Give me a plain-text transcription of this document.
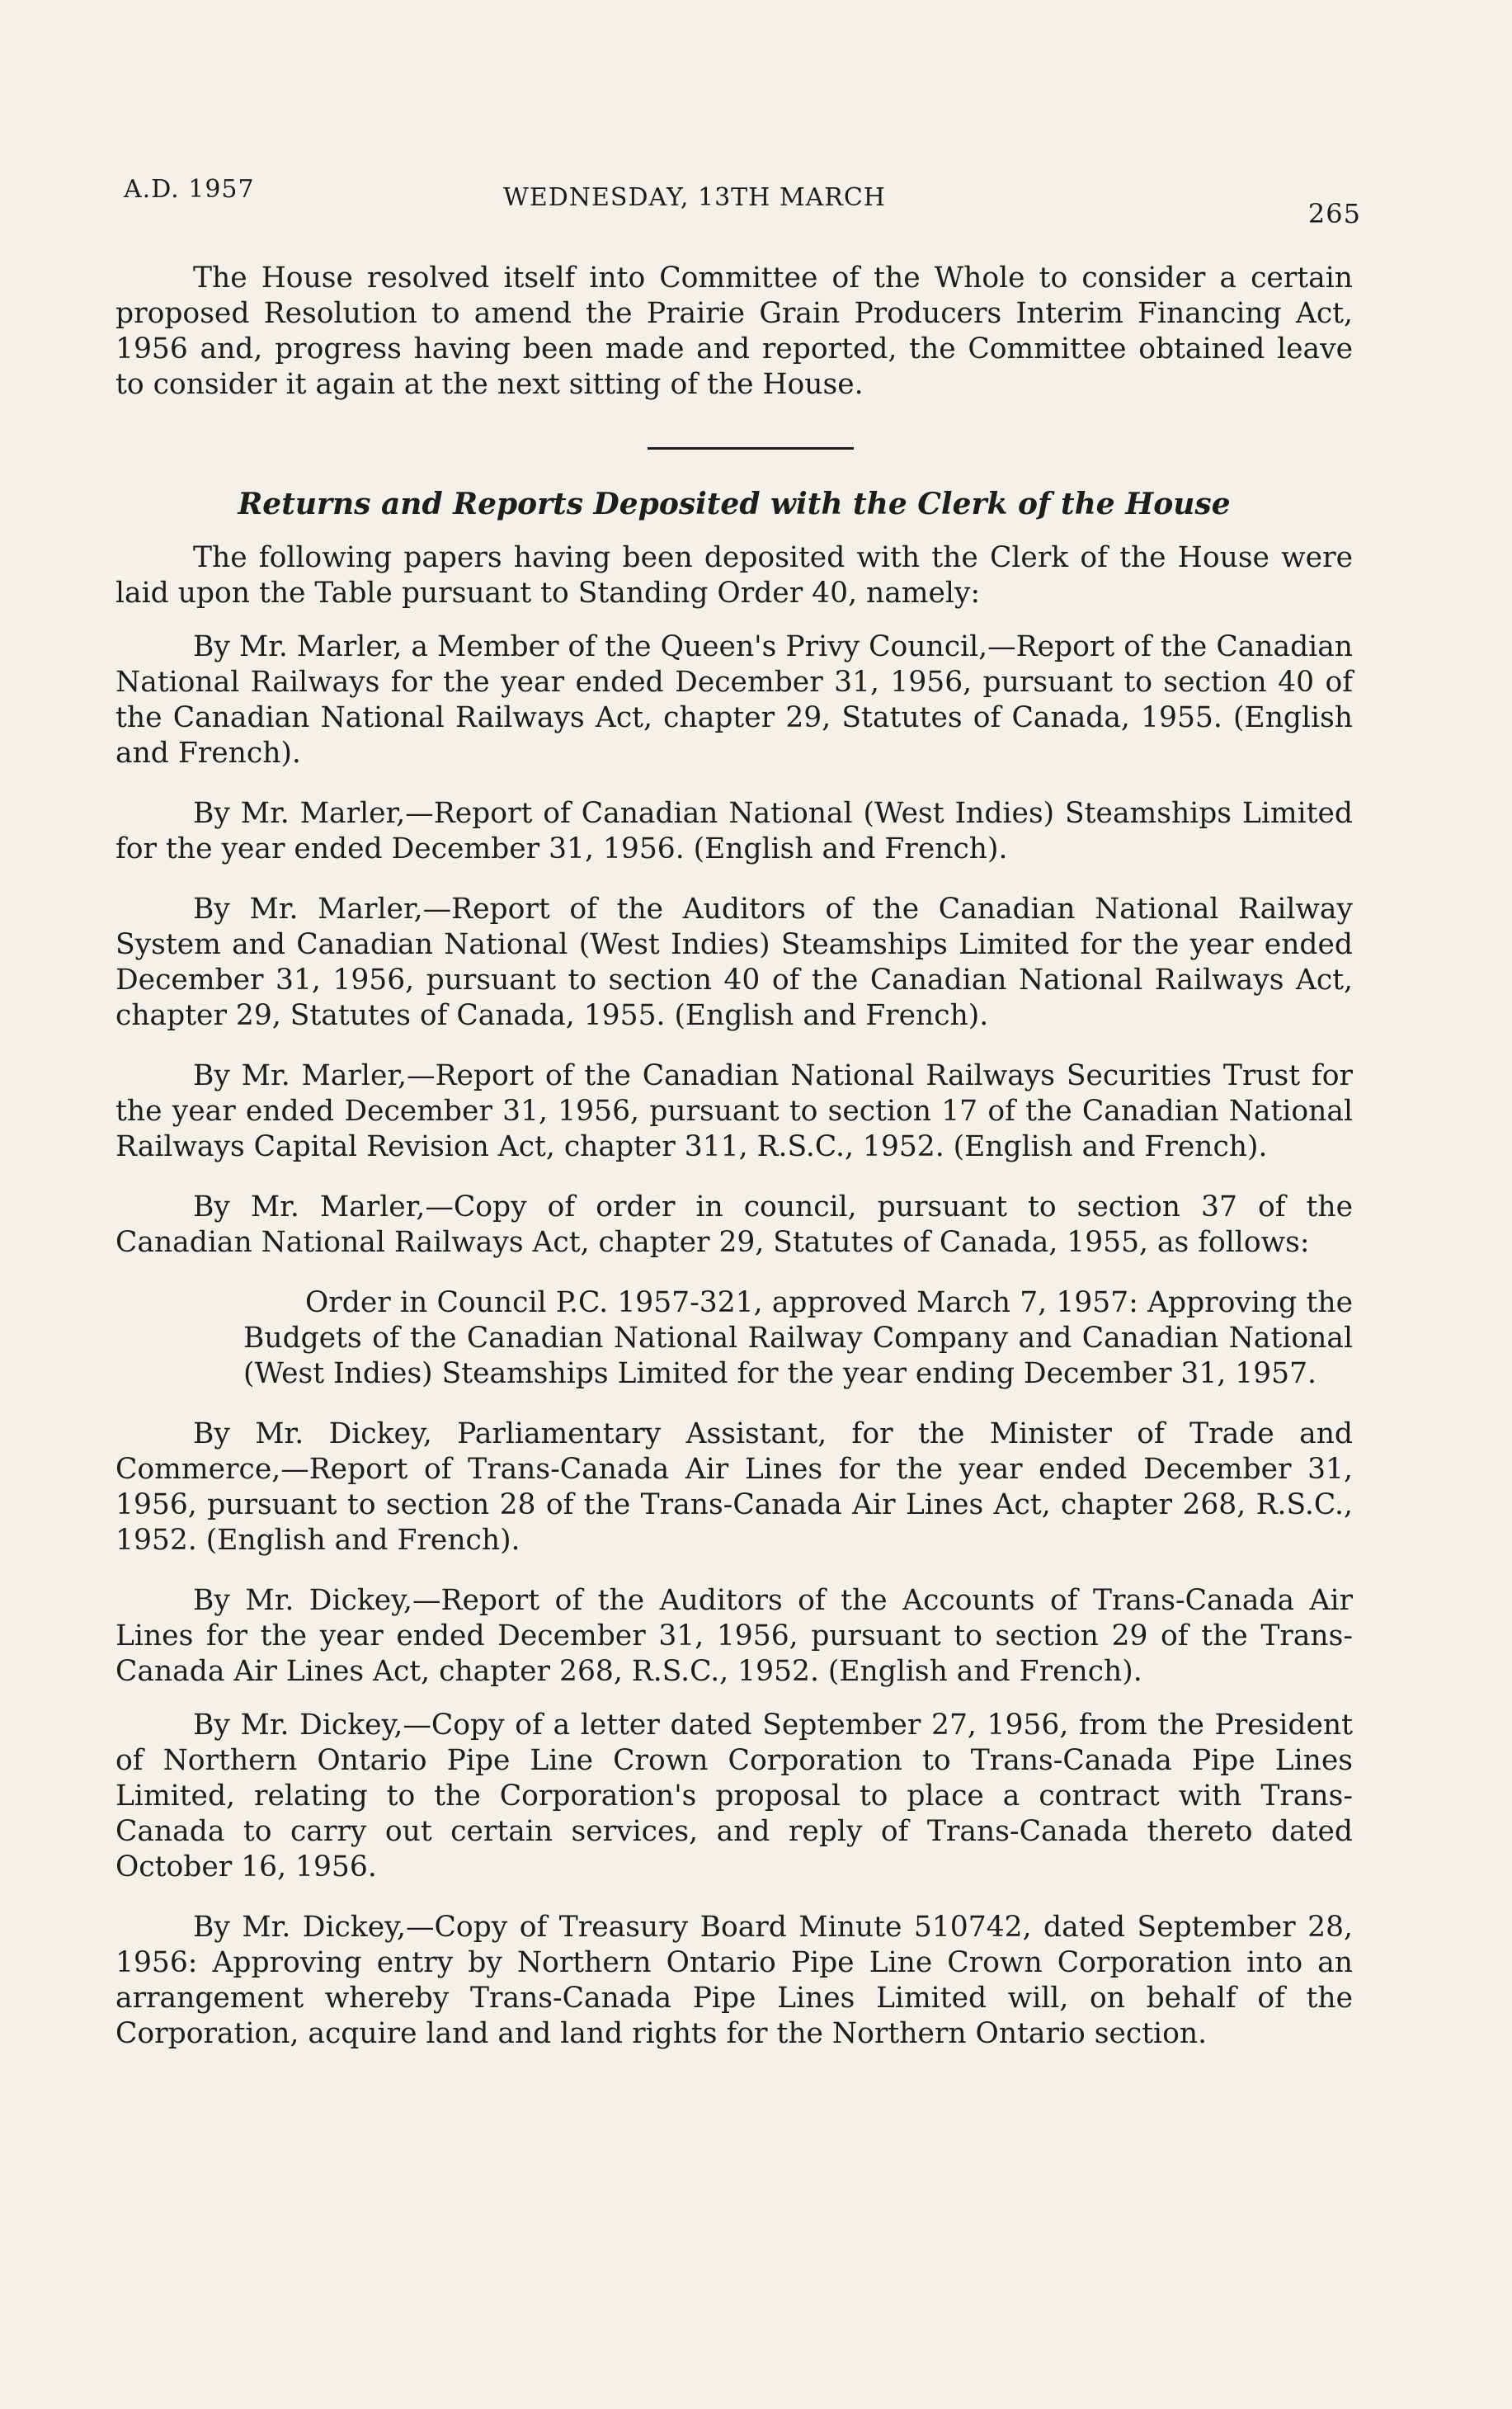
A.D. 1957	WEDNESDAY, 13TH MARCH
265

The House resolved itself into Committee of the Whole to consider a certain proposed Resolution to amend the Prairie Grain Producers Interim Financing Act, 1956 and, progress having been made and reported, the Committee obtained leave to consider it again at the next sitting of the House.

Returns and Reports Deposited with the Clerk of the House

The following papers having been deposited with the Clerk of the House were laid upon the Table pursuant to Standing Order 40, namely:

By Mr. Marler, a Member of the Queen's Privy Council,—Report of the Canadian National Railways for the year ended December 31, 1956, pursuant to section 40 of the Canadian National Railways Act, chapter 29, Statutes of Canada, 1955. (English and French).

By Mr. Marler,—Report of Canadian National (West Indies) Steamships Limited for the year ended December 31, 1956. (English and French).

By Mr. Marler,—Report of the Auditors of the Canadian National Railway System and Canadian National (West Indies) Steamships Limited for the year ended December 31, 1956, pursuant to section 40 of the Canadian National Railways Act, chapter 29, Statutes of Canada, 1955. (English and French).

By Mr. Marler,—Report of the Canadian National Railways Securities Trust for the year ended December 31, 1956, pursuant to section 17 of the Canadian National Railways Capital Revision Act, chapter 311, R.S.C., 1952. (English and French).

By Mr. Marler,—Copy of order in council, pursuant to section 37 of the Canadian National Railways Act, chapter 29, Statutes of Canada, 1955, as follows:

Order in Council P.C. 1957-321, approved March 7, 1957: Approving the Budgets of the Canadian National Railway Company and Canadian National (West Indies) Steamships Limited for the year ending December 31, 1957.

By Mr. Dickey, Parliamentary Assistant, for the Minister of Trade and Commerce,—Report of Trans-Canada Air Lines for the year ended December 31, 1956, pursuant to section 28 of the Trans-Canada Air Lines Act, chapter 268, R.S.C., 1952. (English and French).

By Mr. Dickey,—Report of the Auditors of the Accounts of Trans-Canada Air Lines for the year ended December 31, 1956, pursuant to section 29 of the Trans-Canada Air Lines Act, chapter 268, R.S.C., 1952. (English and French).

By Mr. Dickey,—Copy of a letter dated September 27, 1956, from the President of Northern Ontario Pipe Line Crown Corporation to Trans-Canada Pipe Lines Limited, relating to the Corporation's proposal to place a contract with Trans-Canada to carry out certain services, and reply of Trans-Canada thereto dated October 16, 1956.

By Mr. Dickey,—Copy of Treasury Board Minute 510742, dated September 28, 1956: Approving entry by Northern Ontario Pipe Line Crown Corporation into an arrangement whereby Trans-Canada Pipe Lines Limited will, on behalf of the Corporation, acquire land and land rights for the Northern Ontario section.
